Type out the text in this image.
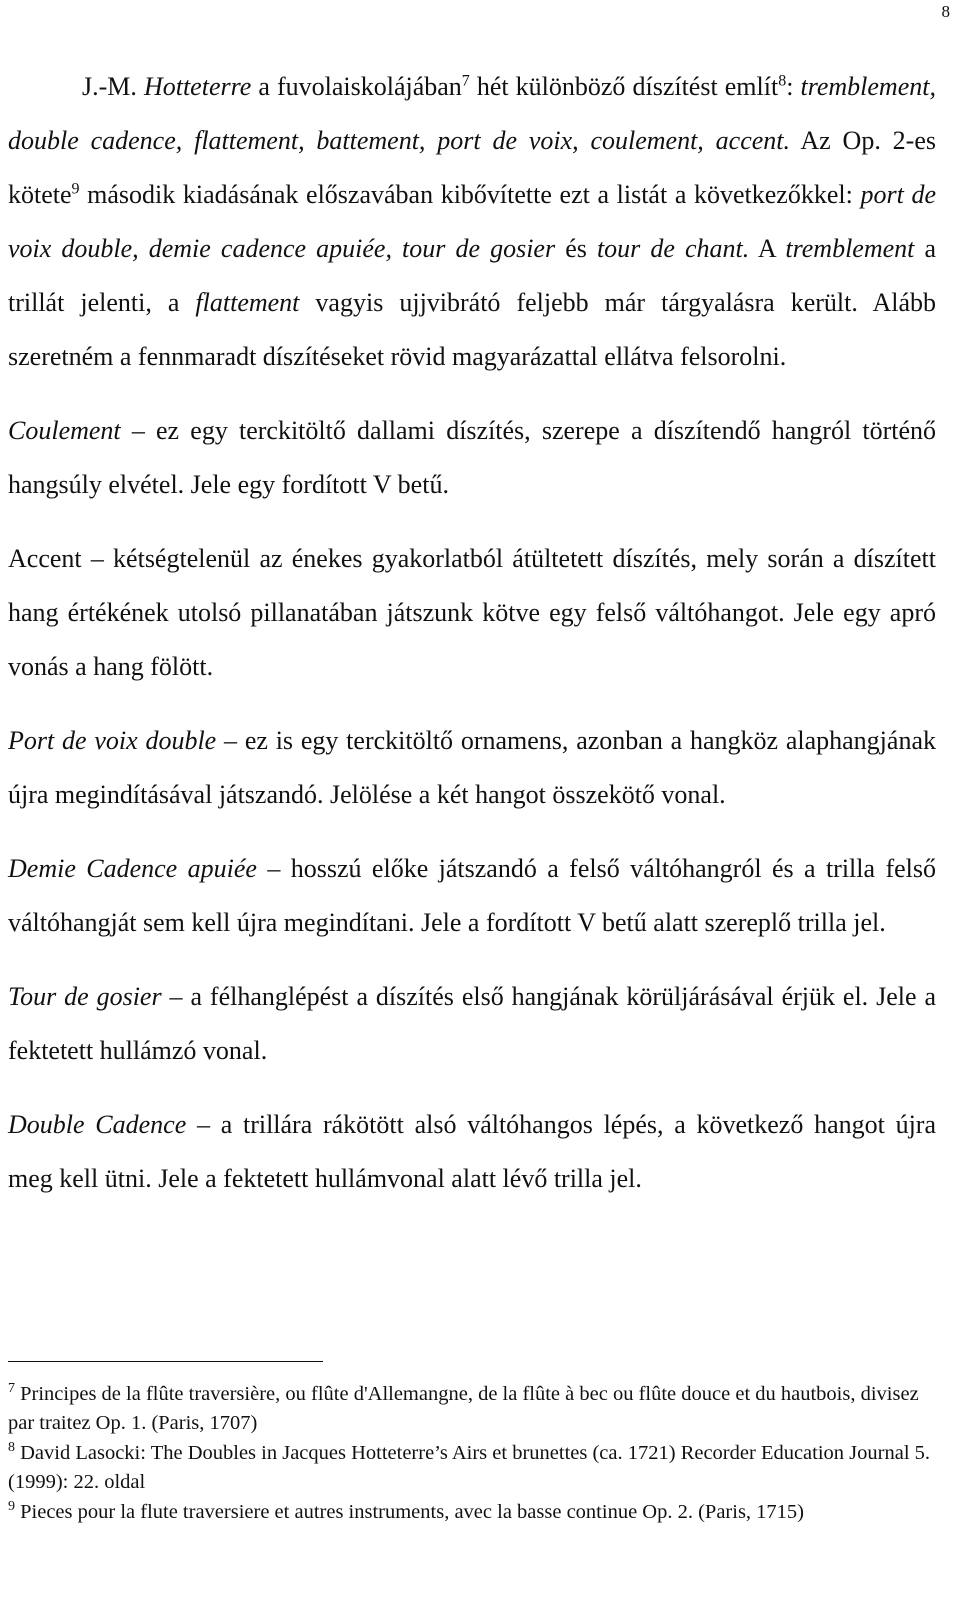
8

J.-M. Hotteterre a fuvolaiskolájában$^7$ hét különböző díszítést említ$^8$: tremblement, double cadence, flattement, battement, port de voix, coulement, accent. Az Op. 2-es kötete$^9$ második kiadásának előszavában kibővítette ezt a listát a következőkkel: port de voix double, demie cadence apuiée, tour de gosier és tour de chant. A tremblement a trillát jelenti, a flattement vagyis ujjvibrátó feljebb már tárgyalásra került. Alább szeretném a fennmaradt díszítéseket rövid magyarázattal ellátva felsorolni.

Coulement – ez egy terckitöltő dallami díszítés, szerepe a díszítendő hangról történő hangsúly elvétel. Jele egy fordított V betű.

Accent – kétségtelenül az énekes gyakorlatból átültetett díszítés, mely során a díszített hang értékének utolsó pillanatában játszunk kötve egy felső váltóhangot. Jele egy apró vonás a hang fölött.

Port de voix double – ez is egy terckitöltő ornamens, azonban a hangköz alaphangjának újra megindításával játszandó. Jelölése a két hangot összekötő vonal.

Demie Cadence apuiée – hosszú előke játszandó a felső váltóhangról és a trilla felső váltóhangját sem kell újra megindítani. Jele a fordított V betű alatt szereplő trilla jel.

Tour de gosier – a félhanglépést a díszítés első hangjának körüljárásával érjük el. Jele a fektetett hullámzó vonal.

Double Cadence – a trillára rákötött alsó váltóhangos lépés, a következő hangot újra meg kell ütni. Jele a fektetett hullámvonal alatt lévő trilla jel.

$^7$ Principes de la flûte traversière, ou flûte d'Allemangne, de la flûte à bec ou flûte douce et du hautbois, divisez par traitez Op. 1. (Paris, 1707)
$^8$ David Lasocki: The Doubles in Jacques Hotteterre’s Airs et brunettes (ca. 1721) Recorder Education Journal 5. (1999): 22. oldal
$^9$ Pieces pour la flute traversiere et autres instruments, avec la basse continue Op. 2. (Paris, 1715)
